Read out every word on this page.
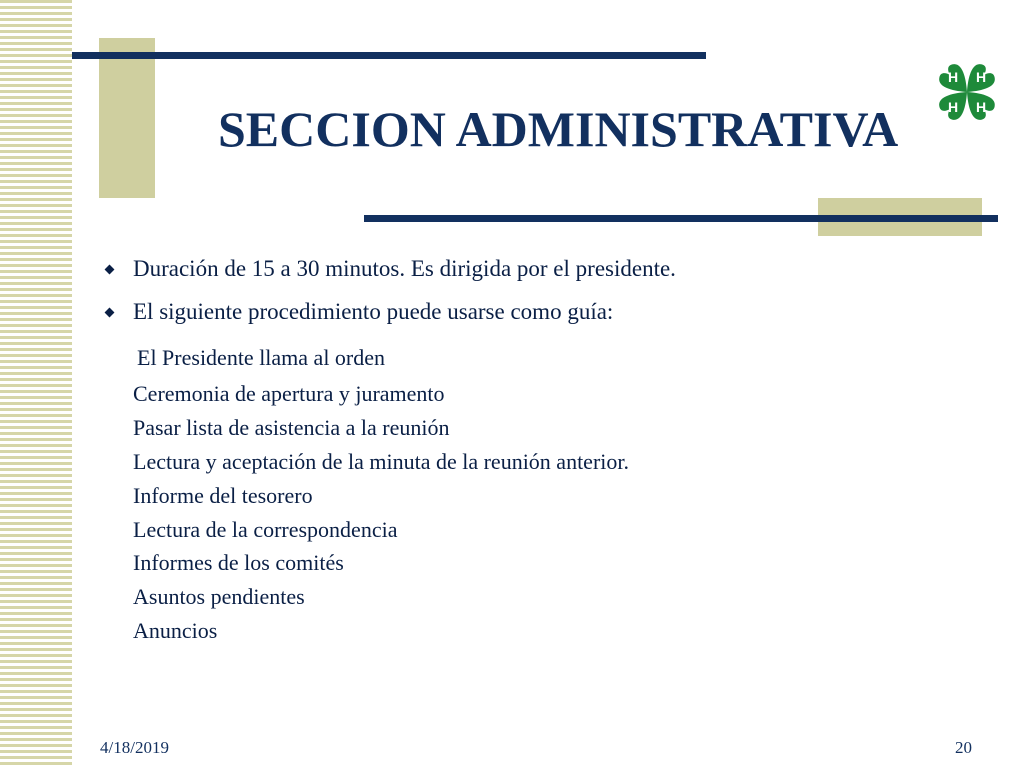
SECCION ADMINISTRATIVA
H H
H H
Duración de 15 a 30 minutos. Es dirigida por el presidente.
El siguiente procedimiento puede usarse como guía:
El Presidente llama al orden
Ceremonia de apertura y juramento
Pasar lista de asistencia a la reunión
Lectura y aceptación de la minuta de la reunión anterior.
Informe del tesorero
Lectura de la correspondencia
Informes de los comités
Asuntos pendientes
Anuncios
4/18/2019	20
